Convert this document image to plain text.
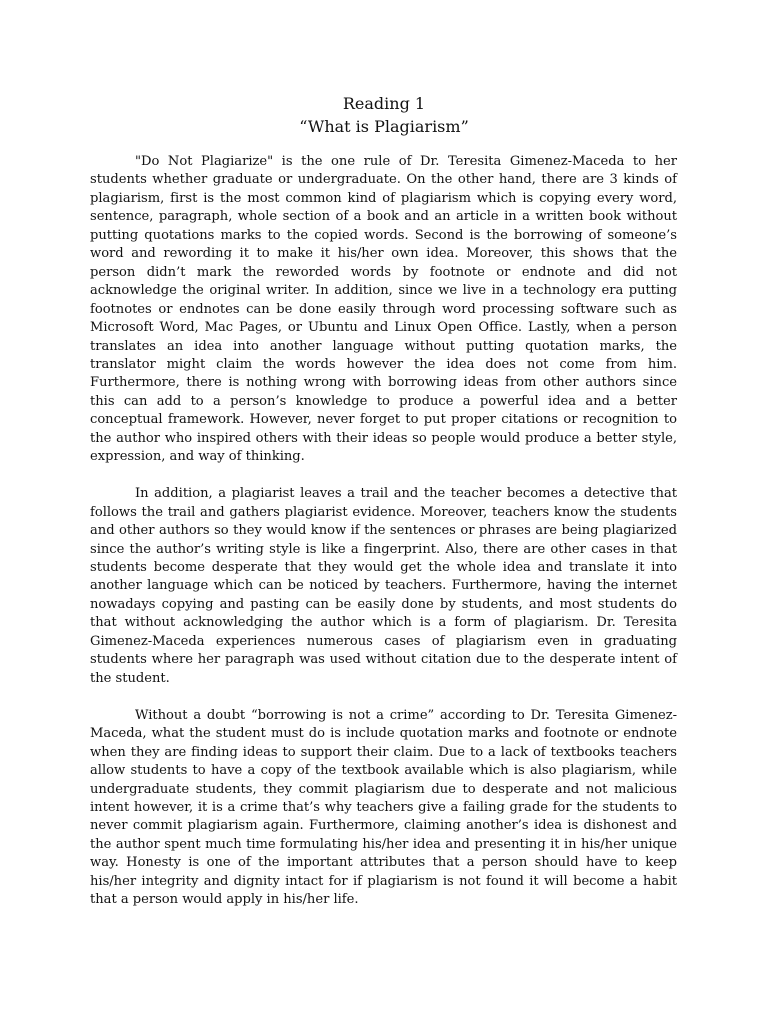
Reading 1
“What is Plagiarism”

"Do Not Plagiarize" is the one rule of Dr. Teresita Gimenez-Maceda to her students whether graduate or undergraduate. On the other hand, there are 3 kinds of plagiarism, first is the most common kind of plagiarism which is copying every word, sentence, paragraph, whole section of a book and an article in a written book without putting quotations marks to the copied words. Second is the borrowing of someone’s word and rewording it to make it his/her own idea. Moreover, this shows that the person didn’t mark the reworded words by footnote or endnote and did not acknowledge the original writer. In addition, since we live in a technology era putting footnotes or endnotes can be done easily through word processing software such as Microsoft Word, Mac Pages, or Ubuntu and Linux Open Office. Lastly, when a person translates an idea into another language without putting quotation marks, the translator might claim the words however the idea does not come from him. Furthermore, there is nothing wrong with borrowing ideas from other authors since this can add to a person’s knowledge to produce a powerful idea and a better conceptual framework. However, never forget to put proper citations or recognition to the author who inspired others with their ideas so people would produce a better style, expression, and way of thinking.

In addition, a plagiarist leaves a trail and the teacher becomes a detective that follows the trail and gathers plagiarist evidence. Moreover, teachers know the students and other authors so they would know if the sentences or phrases are being plagiarized since the author’s writing style is like a fingerprint. Also, there are other cases in that students become desperate that they would get the whole idea and translate it into another language which can be noticed by teachers. Furthermore, having the internet nowadays copying and pasting can be easily done by students, and most students do that without acknowledging the author which is a form of plagiarism. Dr. Teresita Gimenez-Maceda experiences numerous cases of plagiarism even in graduating students where her paragraph was used without citation due to the desperate intent of the student.

Without a doubt “borrowing is not a crime” according to Dr. Teresita Gimenez-Maceda, what the student must do is include quotation marks and footnote or endnote when they are finding ideas to support their claim. Due to a lack of textbooks teachers allow students to have a copy of the textbook available which is also plagiarism, while undergraduate students, they commit plagiarism due to desperate and not malicious intent however, it is a crime that’s why teachers give a failing grade for the students to never commit plagiarism again. Furthermore, claiming another’s idea is dishonest and the author spent much time formulating his/her idea and presenting it in his/her unique way. Honesty is one of the important attributes that a person should have to keep his/her integrity and dignity intact for if plagiarism is not found it will become a habit that a person would apply in his/her life.
